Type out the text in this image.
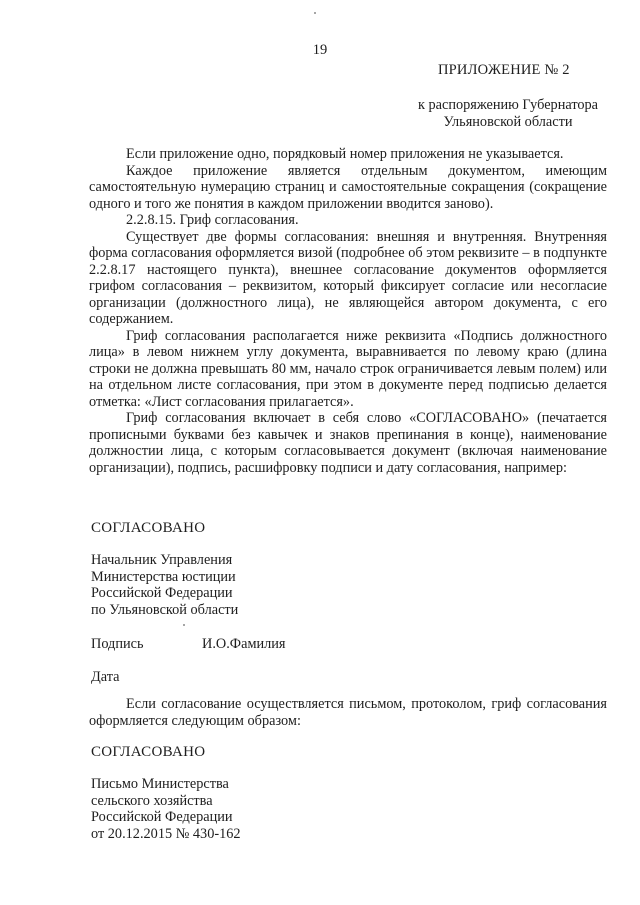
19
ПРИЛОЖЕНИЕ № 2
к распоряжению Губернатора
Ульяновской области

Если приложение одно, порядковый номер приложения не указывается.

Каждое приложение является отдельным документом, имеющим самостоятельную нумерацию страниц и самостоятельные сокращения (сокращение одного и того же понятия в каждом приложении вводится заново).

2.2.8.15. Гриф согласования.

Существует две формы согласования: внешняя и внутренняя. Внутренняя форма согласования оформляется визой (подробнее об этом реквизите – в подпункте 2.2.8.17 настоящего пункта), внешнее согласование документов оформляется грифом согласования – реквизитом, который фиксирует согласие или несогласие организации (должностного лица), не являющейся автором документа, с его содержанием.

Гриф согласования располагается ниже реквизита «Подпись должностного лица» в левом нижнем углу документа, выравнивается по левому краю (длина строки не должна превышать 80 мм, начало строк ограничивается левым полем) или на отдельном листе согласования, при этом в документе перед подписью делается отметка: «Лист согласования прилагается».

Гриф согласования включает в себя слово «СОГЛАСОВАНО» (печатается прописными буквами без кавычек и знаков препинания в конце), наименование должностии лица, с которым согласовывается документ (включая наименование организации), подпись, расшифровку подписи и дату согласования, например:

СОГЛАСОВАНО
Начальник Управления
Министерства юстиции
Российской Федерации
по Ульяновской области
Подпись	И.О.Фамилия
Дата

Если согласование осуществляется письмом, протоколом, гриф согласования оформляется следующим образом:

СОГЛАСОВАНО
Письмо Министерства
сельского хозяйства
Российской Федерации
от 20.12.2015 № 430-162
